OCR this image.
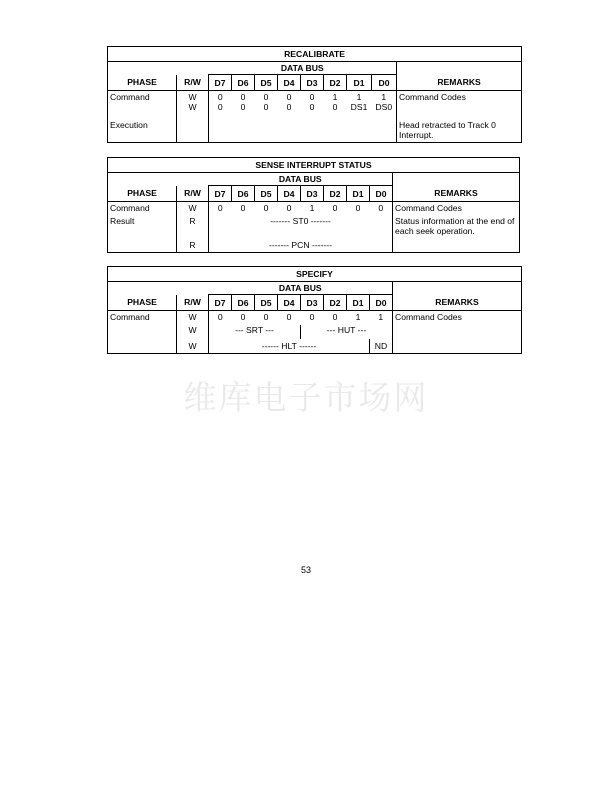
RECALIBRATE										
		DATA BUS								
PHASE	R/W	D7	D6	D5	D4	D3	D2	D1	D0	REMARKS
Command	W	0	0	0	0	0	1	1	1	Command Codes
	W	0	0	0	0	0	0	DS1	DS0	
Execution										Head retracted to Track 0 Interrupt.
SENSE INTERRUPT STATUS										
		DATA BUS								
PHASE	R/W	D7	D6	D5	D4	D3	D2	D1	D0	REMARKS
Command	W	0	0	0	0	1	0	0	0	Command Codes
Result	R	------- ST0 -------								Status information at the end of each seek operation.
	R	------- PCN -------								
SPECIFY										
		DATA BUS								
PHASE	R/W	D7	D6	D5	D4	D3	D2	D1	D0	REMARKS
Command	W	0	0	0	0	0	0	1	1	Command Codes
	W	--- SRT ---				--- HUT ---				
	W	------ HLT ------							ND	
维库电子市场网
53
